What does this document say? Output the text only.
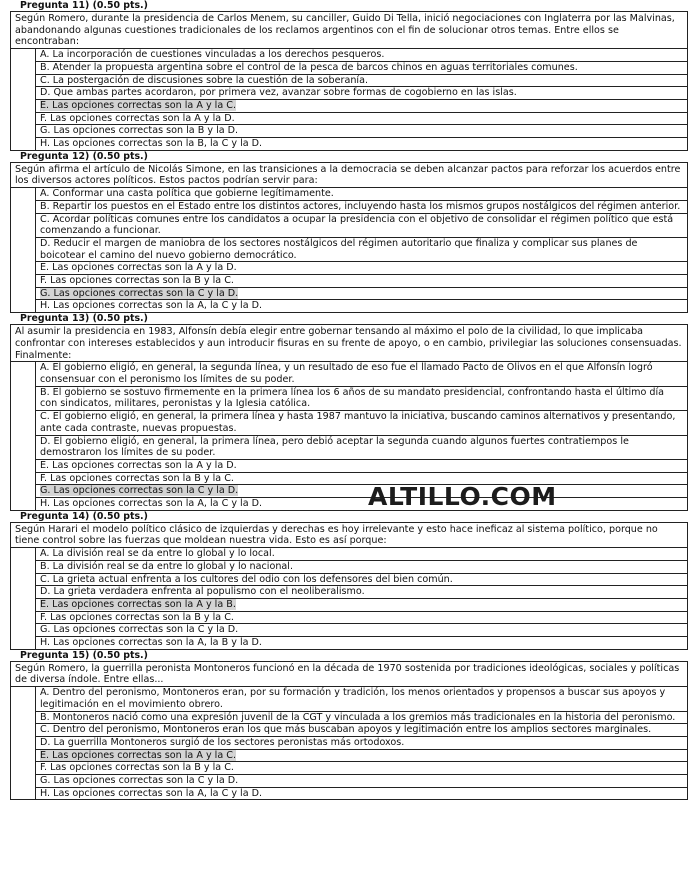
Pregunta 11) (0.50 pts.)
Según Romero, durante la presidencia de Carlos Menem, su canciller, Guido Di Tella, inició negociaciones con Inglaterra por las Malvinas, abandonando algunas cuestiones tradicionales de los reclamos argentinos con el fin de solucionar otros temas. Entre ellos se encontraban:
A. La incorporación de cuestiones vinculadas a los derechos pesqueros.
B. Atender la propuesta argentina sobre el control de la pesca de barcos chinos en aguas territoriales comunes.
C. La postergación de discusiones sobre la cuestión de la soberanía.
D. Que ambas partes acordaron, por primera vez, avanzar sobre formas de cogobierno en las islas.
E. Las opciones correctas son la A y la C.
F. Las opciones correctas son la A y la D.
G. Las opciones correctas son la B y la D.
H. Las opciones correctas son la B, la C y la D.
Pregunta 12) (0.50 pts.)
Según afirma el artículo de Nicolás Simone, en las transiciones a la democracia se deben alcanzar pactos para reforzar los acuerdos entre los diversos actores políticos. Estos pactos podrían servir para:
A. Conformar una casta política que gobierne legítimamente.
B. Repartir los puestos en el Estado entre los distintos actores, incluyendo hasta los mismos grupos nostálgicos del régimen anterior.
C. Acordar políticas comunes entre los candidatos a ocupar la presidencia con el objetivo de consolidar el régimen político que está comenzando a funcionar.
D. Reducir el margen de maniobra de los sectores nostálgicos del régimen autoritario que finaliza y complicar sus planes de boicotear el camino del nuevo gobierno democrático.
E. Las opciones correctas son la A y la D.
F. Las opciones correctas son la B y la C.
G. Las opciones correctas son la C y la D.
H. Las opciones correctas son la A, la C y la D.
Pregunta 13) (0.50 pts.)
Al asumir la presidencia en 1983, Alfonsín debía elegir entre gobernar tensando al máximo el polo de la civilidad, lo que implicaba confrontar con intereses establecidos y aun introducir fisuras en su frente de apoyo, o en cambio, privilegiar las soluciones consensuadas. Finalmente:
A. El gobierno eligió, en general, la segunda línea, y un resultado de eso fue el llamado Pacto de Olivos en el que Alfonsín logró consensuar con el peronismo los límites de su poder.
B. El gobierno se sostuvo firmemente en la primera línea los 6 años de su mandato presidencial, confrontando hasta el último día con sindicatos, militares, peronistas y la Iglesia católica.
C. El gobierno eligió, en general, la primera línea y hasta 1987 mantuvo la iniciativa, buscando caminos alternativos y presentando, ante cada contraste, nuevas propuestas.
D. El gobierno eligió, en general, la primera línea, pero debió aceptar la segunda cuando algunos fuertes contratiempos le demostraron los límites de su poder.
E. Las opciones correctas son la A y la D.
F. Las opciones correctas son la B y la C.
G. Las opciones correctas son la C y la D.
H. Las opciones correctas son la A, la C y la D.
Pregunta 14) (0.50 pts.)
Según Harari el modelo político clásico de izquierdas y derechas es hoy irrelevante y esto hace ineficaz al sistema político, porque no tiene control sobre las fuerzas que moldean nuestra vida. Esto es así porque:
A. La división real se da entre lo global y lo local.
B. La división real se da entre lo global y lo nacional.
C. La grieta actual enfrenta a los cultores del odio con los defensores del bien común.
D. La grieta verdadera enfrenta al populismo con el neoliberalismo.
E. Las opciones correctas son la A y la B.
F. Las opciones correctas son la B y la C.
G. Las opciones correctas son la C y la D.
H. Las opciones correctas son la A, la B y la D.
Pregunta 15) (0.50 pts.)
Según Romero, la guerrilla peronista Montoneros funcionó en la década de 1970 sostenida por tradiciones ideológicas, sociales y políticas de diversa índole. Entre ellas...
A. Dentro del peronismo, Montoneros eran, por su formación y tradición, los menos orientados y propensos a buscar sus apoyos y legitimación en el movimiento obrero.
B. Montoneros nació como una expresión juvenil de la CGT y vinculada a los gremios más tradicionales en la historia del peronismo.
C. Dentro del peronismo, Montoneros eran los que más buscaban apoyos y legitimación entre los amplios sectores marginales.
D. La guerrilla Montoneros surgió de los sectores peronistas más ortodoxos.
E. Las opciones correctas son la A y la C.
F. Las opciones correctas son la B y la C.
G. Las opciones correctas son la C y la D.
H. Las opciones correctas son la A, la C y la D.
ALTILLO.COM
